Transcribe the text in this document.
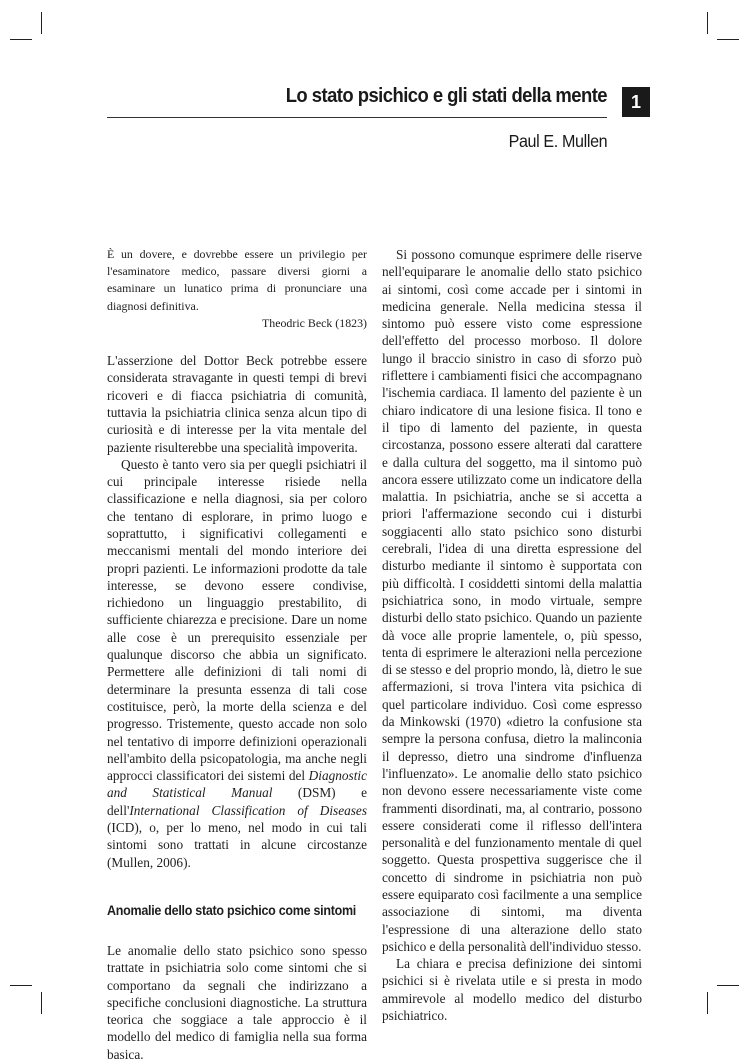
Lo stato psichico e gli stati della mente	1

Paul E. Mullen

È un dovere, e dovrebbe essere un privilegio per l'esaminatore medico, passare diversi giorni a esaminare un lunatico prima di pronunciare una diagnosi definitiva.

Theodric Beck (1823)

L'asserzione del Dottor Beck potrebbe essere considerata stravagante in questi tempi di brevi ricoveri e di fiacca psichiatria di comunità, tuttavia la psichiatria clinica senza alcun tipo di curiosità e di interesse per la vita mentale del paziente risulterebbe una specialità impoverita.

Questo è tanto vero sia per quegli psichiatri il cui principale interesse risiede nella classificazione e nella diagnosi, sia per coloro che tentano di esplorare, in primo luogo e soprattutto, i significativi collegamenti e meccanismi mentali del mondo interiore dei propri pazienti. Le informazioni prodotte da tale interesse, se devono essere condivise, richiedono un linguaggio prestabilito, di sufficiente chiarezza e precisione. Dare un nome alle cose è un prerequisito essenziale per qualunque discorso che abbia un significato. Permettere alle definizioni di tali nomi di determinare la presunta essenza di tali cose costituisce, però, la morte della scienza e del progresso. Tristemente, questo accade non solo nel tentativo di imporre definizioni operazionali nell'ambito della psicopatologia, ma anche negli approcci classificatori dei sistemi del Diagnostic and Statistical Manual (DSM) e dell'International Classification of Diseases (ICD), o, per lo meno, nel modo in cui tali sintomi sono trattati in alcune circostanze (Mullen, 2006).

Anomalie dello stato psichico come sintomi

Le anomalie dello stato psichico sono spesso trattate in psichiatria solo come sintomi che si comportano da segnali che indirizzano a specifiche conclusioni diagnostiche. La struttura teorica che soggiace a tale approccio è il modello del medico di famiglia nella sua forma basica.

Si possono comunque esprimere delle riserve nell'equiparare le anomalie dello stato psichico ai sintomi, così come accade per i sintomi in medicina generale. Nella medicina stessa il sintomo può essere visto come espressione dell'effetto del processo morboso. Il dolore lungo il braccio sinistro in caso di sforzo può riflettere i cambiamenti fisici che accompagnano l'ischemia cardiaca. Il lamento del paziente è un chiaro indicatore di una lesione fisica. Il tono e il tipo di lamento del paziente, in questa circostanza, possono essere alterati dal carattere e dalla cultura del soggetto, ma il sintomo può ancora essere utilizzato come un indicatore della malattia. In psichiatria, anche se si accetta a priori l'affermazione secondo cui i disturbi soggiacenti allo stato psichico sono disturbi cerebrali, l'idea di una diretta espressione del disturbo mediante il sintomo è supportata con più difficoltà. I cosiddetti sintomi della malattia psichiatrica sono, in modo virtuale, sempre disturbi dello stato psichico. Quando un paziente dà voce alle proprie lamentele, o, più spesso, tenta di esprimere le alterazioni nella percezione di se stesso e del proprio mondo, là, dietro le sue affermazioni, si trova l'intera vita psichica di quel particolare individuo. Così come espresso da Minkowski (1970) «dietro la confusione sta sempre la persona confusa, dietro la malinconia il depresso, dietro una sindrome d'influenza l'influenzato». Le anomalie dello stato psichico non devono essere necessariamente viste come frammenti disordinati, ma, al contrario, possono essere considerati come il riflesso dell'intera personalità e del funzionamento mentale di quel soggetto. Questa prospettiva suggerisce che il concetto di sindrome in psichiatria non può essere equiparato così facilmente a una semplice associazione di sintomi, ma diventa l'espressione di una alterazione dello stato psichico e della personalità dell'individuo stesso.

La chiara e precisa definizione dei sintomi psichici si è rivelata utile e si presta in modo ammirevole al modello medico del disturbo psichiatrico.
